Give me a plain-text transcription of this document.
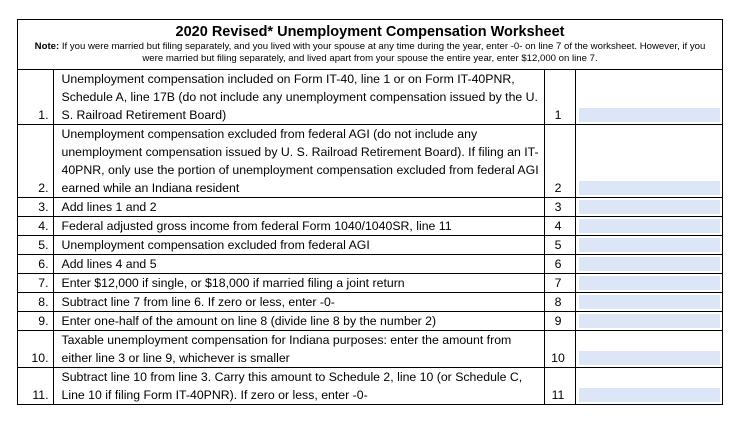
2020 Revised* Unemployment Compensation Worksheet
Note: If you were married but filing separately, and you lived with your spouse at any time during the year, enter -0- on line 7 of the worksheet. However, if you were married but filing separately, and lived apart from your spouse the entire year, enter $12,000 on line 7.
1.	Unemployment compensation included on Form IT-40, line 1 or on Form IT-40PNR, Schedule A, line 17B (do not include any unemployment compensation issued by the U. S. Railroad Retirement Board)	1		

2.	Unemployment compensation excluded from federal AGI (do not include any unemployment compensation issued by U. S. Railroad Retirement Board). If filing an IT-40PNR, only use the portion of unemployment compensation excluded from federal AGI earned while an Indiana resident	2		

3.	Add lines 1 and 2	3		

4.	Federal adjusted gross income from federal Form 1040/1040SR, line 11	4		

5.	Unemployment compensation excluded from federal AGI	5		

6.	Add lines 4 and 5	6		

7.	Enter $12,000 if single, or $18,000 if married filing a joint return	7		

8.	Subtract line 7 from line 6. If zero or less, enter -0-	8		

9.	Enter one-half of the amount on line 8 (divide line 8 by the number 2)	9		

10.	Taxable unemployment compensation for Indiana purposes: enter the amount from either line 3 or line 9, whichever is smaller	10		

11.	Subtract line 10 from line 3. Carry this amount to Schedule 2, line 10 (or Schedule C, Line 10 if filing Form IT-40PNR). If zero or less, enter -0-	11		
